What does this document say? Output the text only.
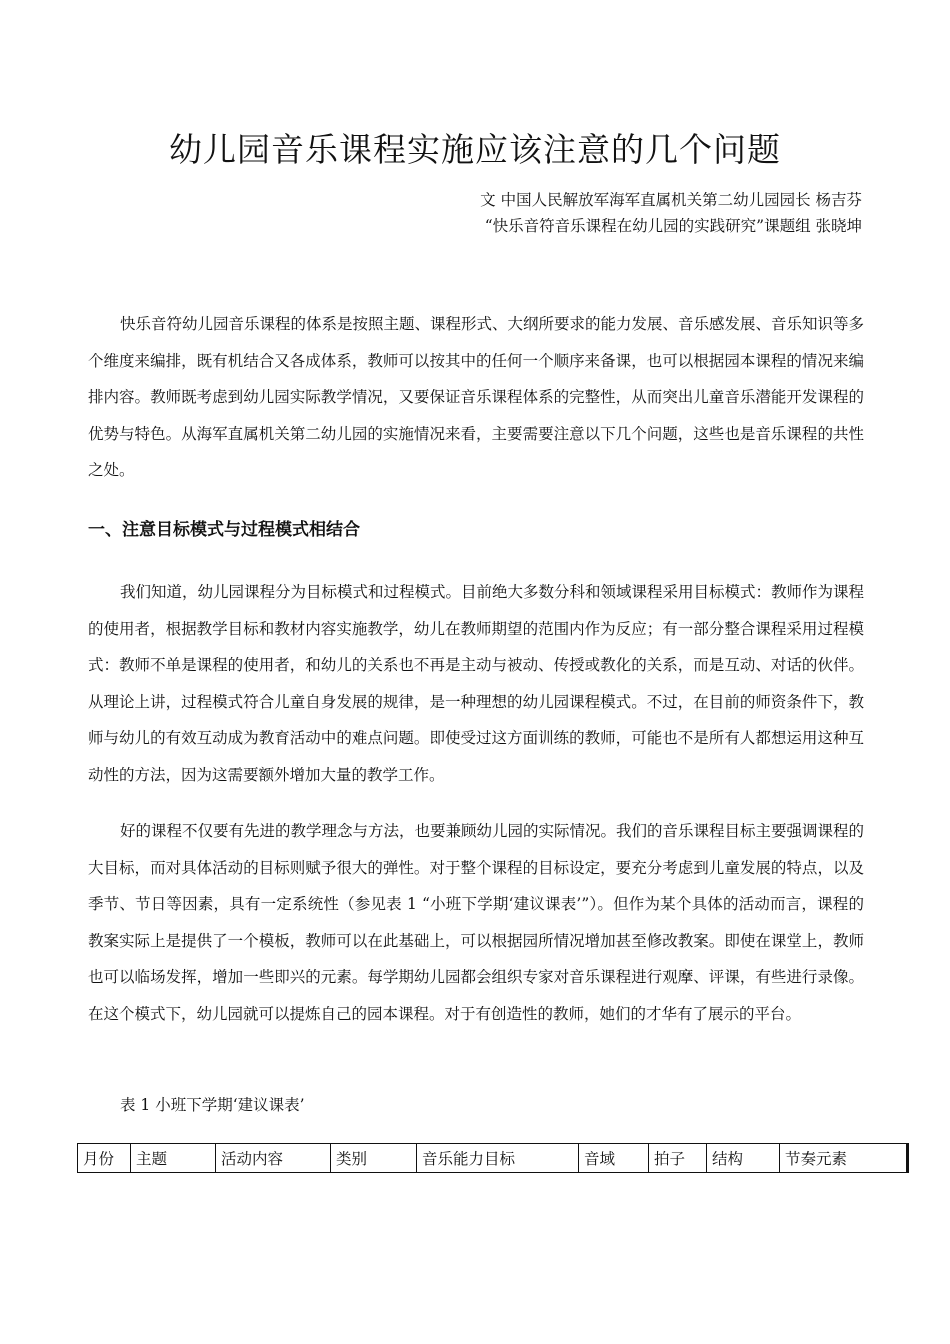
幼儿园音乐课程实施应该注意的几个问题
文 中国人民解放军海军直属机关第二幼儿园园长 杨吉芬
“快乐音符音乐课程在幼儿园的实践研究”课题组 张晓坤

快乐音符幼儿园音乐课程的体系是按照主题、课程形式、大纲所要求的能力发展、音乐感发展、音乐知识等多个维度来编排，既有机结合又各成体系，教师可以按其中的任何一个顺序来备课，也可以根据园本课程的情况来编排内容。教师既考虑到幼儿园实际教学情况，又要保证音乐课程体系的完整性，从而突出儿童音乐潜能开发课程的优势与特色。从海军直属机关第二幼儿园的实施情况来看，主要需要注意以下几个问题，这些也是音乐课程的共性之处。

一、注意目标模式与过程模式相结合

我们知道，幼儿园课程分为目标模式和过程模式。目前绝大多数分科和领域课程采用目标模式：教师作为课程的使用者，根据教学目标和教材内容实施教学，幼儿在教师期望的范围内作为反应；有一部分整合课程采用过程模式：教师不单是课程的使用者，和幼儿的关系也不再是主动与被动、传授或教化的关系，而是互动、对话的伙伴。从理论上讲，过程模式符合儿童自身发展的规律，是一种理想的幼儿园课程模式。不过，在目前的师资条件下，教师与幼儿的有效互动成为教育活动中的难点问题。即使受过这方面训练的教师，可能也不是所有人都想运用这种互动性的方法，因为这需要额外增加大量的教学工作。

好的课程不仅要有先进的教学理念与方法，也要兼顾幼儿园的实际情况。我们的音乐课程目标主要强调课程的大目标，而对具体活动的目标则赋予很大的弹性。对于整个课程的目标设定，要充分考虑到儿童发展的特点，以及季节、节日等因素，具有一定系统性（参见表 1 “小班下学期‘建议课表’”）。但作为某个具体的活动而言，课程的教案实际上是提供了一个模板，教师可以在此基础上，可以根据园所情况增加甚至修改教案。即使在课堂上，教师也可以临场发挥，增加一些即兴的元素。每学期幼儿园都会组织专家对音乐课程进行观摩、评课，有些进行录像。在这个模式下，幼儿园就可以提炼自己的园本课程。对于有创造性的教师，她们的才华有了展示的平台。

表 1 小班下学期‘建议课表’
月份	主题	活动内容	类别	音乐能力目标	音域	拍子	结构	节奏元素
